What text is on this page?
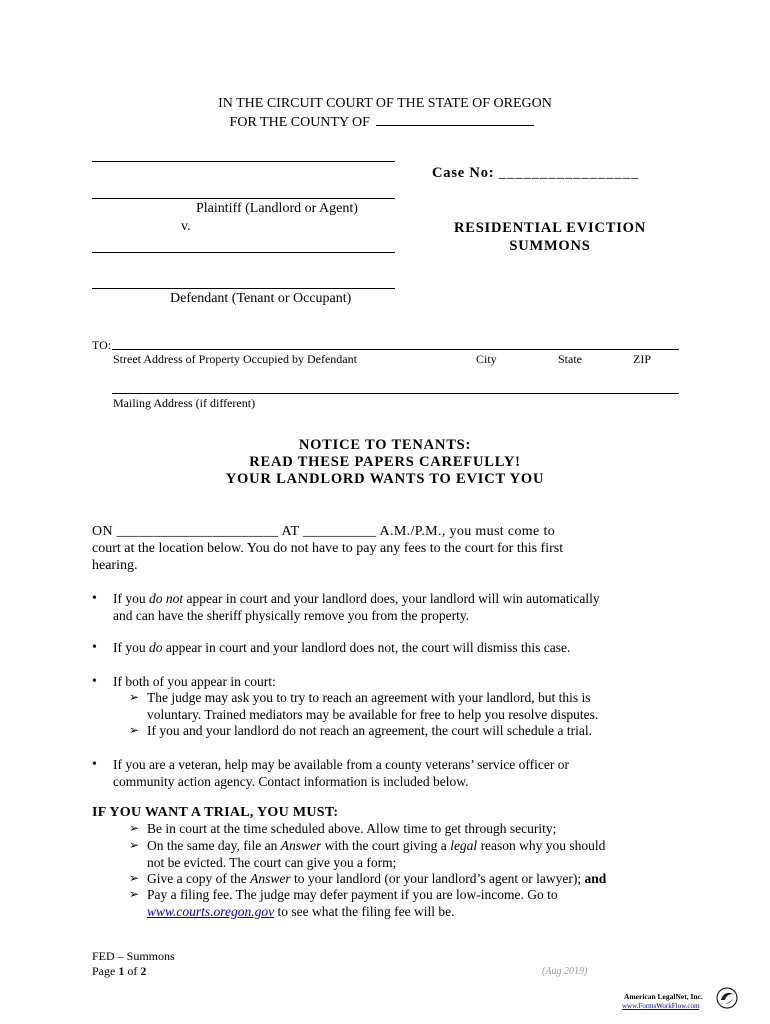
IN THE CIRCUIT COURT OF THE STATE OF OREGON
FOR THE COUNTY OF
Plaintiff (Landlord or Agent)
v.
Defendant (Tenant or Occupant)
Case No: _________________
RESIDENTIAL EVICTION
SUMMONS
TO:
Street Address of Property Occupied by Defendant	City	State	ZIP
Mailing Address (if different)
NOTICE TO TENANTS:
READ THESE PAPERS CAREFULLY!
YOUR LANDLORD WANTS TO EVICT YOU
ON ______________________ AT __________ A.M./P.M., you must come to
court at the location below. You do not have to pay any fees to the court for this first
hearing.
• If you do not appear in court and your landlord does, your landlord will win automatically
and can have the sheriff physically remove you from the property.
• If you do appear in court and your landlord does not, the court will dismiss this case.
• If both of you appear in court:
➢ The judge may ask you to try to reach an agreement with your landlord, but this is
voluntary. Trained mediators may be available for free to help you resolve disputes.
➢ If you and your landlord do not reach an agreement, the court will schedule a trial.
• If you are a veteran, help may be available from a county veterans’ service officer or
community action agency. Contact information is included below.
IF YOU WANT A TRIAL, YOU MUST:
➢ Be in court at the time scheduled above. Allow time to get through security;
➢ On the same day, file an Answer with the court giving a legal reason why you should
not be evicted. The court can give you a form;
➢ Give a copy of the Answer to your landlord (or your landlord’s agent or lawyer); and
➢ Pay a filing fee. The judge may defer payment if you are low-income. Go to
www.courts.oregon.gov to see what the filing fee will be.
FED – Summons
Page 1 of 2	(Aug 2019)
American LegalNet, Inc.
www.FormsWorkFlow.com
